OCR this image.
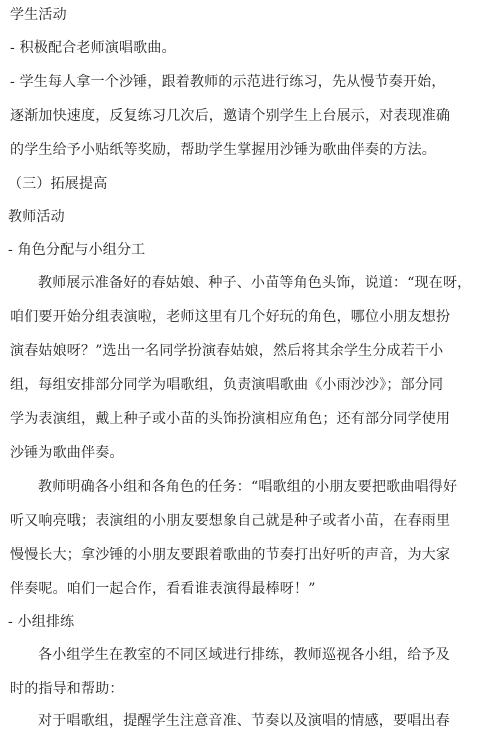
学生活动
- 积极配合老师演唱歌曲。
- 学生每人拿一个沙锤，跟着教师的示范进行练习，先从慢节奏开始，
逐渐加快速度，反复练习几次后，邀请个别学生上台展示，对表现准确
的学生给予小贴纸等奖励，帮助学生掌握用沙锤为歌曲伴奏的方法。
（三）拓展提高
教师活动
- 角色分配与小组分工
教师展示准备好的春姑娘、种子、小苗等角色头饰，说道：“现在呀，
咱们要开始分组表演啦，老师这里有几个好玩的角色，哪位小朋友想扮
演春姑娘呀？”选出一名同学扮演春姑娘，然后将其余学生分成若干小
组，每组安排部分同学为唱歌组，负责演唱歌曲《小雨沙沙》；部分同
学为表演组，戴上种子或小苗的头饰扮演相应角色；还有部分同学使用
沙锤为歌曲伴奏。
教师明确各小组和各角色的任务：“唱歌组的小朋友要把歌曲唱得好
听又响亮哦；表演组的小朋友要想象自己就是种子或者小苗，在春雨里
慢慢长大；拿沙锤的小朋友要跟着歌曲的节奏打出好听的声音，为大家
伴奏呢。咱们一起合作，看看谁表演得最棒呀！”
- 小组排练
各小组学生在教室的不同区域进行排练，教师巡视各小组，给予及
时的指导和帮助：
对于唱歌组，提醒学生注意音准、节奏以及演唱的情感，要唱出春
